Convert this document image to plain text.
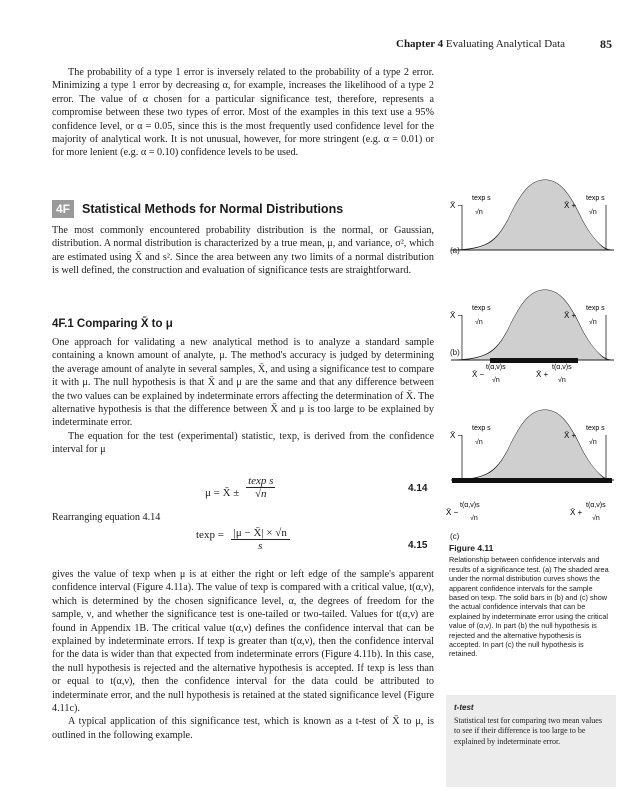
Chapter 4 Evaluating Analytical Data	85

The probability of a type 1 error is inversely related to the probability of a type 2 error. Minimizing a type 1 error by decreasing α, for example, increases the likelihood of a type 2 error. The value of α chosen for a particular significance test, therefore, represents a compromise between these two types of error. Most of the examples in this text use a 95% confidence level, or α = 0.05, since this is the most frequently used confidence level for the majority of analytical work. It is not unusual, however, for more stringent (e.g. α = 0.01) or for more lenient (e.g. α = 0.10) confidence levels to be used.

4F Statistical Methods for Normal Distributions

The most commonly encountered probability distribution is the normal, or Gaussian, distribution. A normal distribution is characterized by a true mean, μ, and variance, σ², which are estimated using X̄ and s². Since the area between any two limits of a normal distribution is well defined, the construction and evaluation of significance tests are straightforward.

4F.1 Comparing X̄ to μ

One approach for validating a new analytical method is to analyze a standard sample containing a known amount of analyte, μ. The method's accuracy is judged by determining the average amount of analyte in several samples, X̄, and using a significance test to compare it with μ. The null hypothesis is that X̄ and μ are the same and that any difference between the two values can be explained by indeterminate errors affecting the determination of X̄. The alternative hypothesis is that the difference between X̄ and μ is too large to be explained by indeterminate error.

The equation for the test (experimental) statistic, texp, is derived from the confidence interval for μ

μ = X̄ ± $\frac{\text{texp s}}{√n}$	4.14

Rearranging equation 4.14

$texp = \frac{|\mu - X̄| \times √n}{s}$	4.15

gives the value of texp when μ is at either the right or left edge of the sample's apparent confidence interval (Figure 4.11a). The value of texp is compared with a critical value, t(α,ν), which is determined by the chosen significance level, α, the degrees of freedom for the sample, ν, and whether the significance test is one-tailed or two-tailed. Values for t(α,ν) are found in Appendix 1B. The critical value t(α,ν) defines the confidence interval that can be explained by indeterminate errors. If texp is greater than t(α,ν), then the confidence interval for the data is wider than that expected from indeterminate errors (Figure 4.11b). In this case, the null hypothesis is rejected and the alternative hypothesis is accepted. If texp is less than or equal to t(α,ν), then the confidence interval for the data could be attributed to indeterminate error, and the null hypothesis is retained at the stated significance level (Figure 4.11c).

A typical application of this significance test, which is known as a t-test of X̄ to μ, is outlined in the following example.

X̄ −
texp s
√n
X̄ +
texp s
√n
X̄ −
texp s
√n
X̄ +
texp s
√n
X̄ −
t(α,ν)s
√n
X̄ +
t(α,ν)s
√n
X̄ −
texp s
√n
X̄ +
texp s
√n
X̄ −
t(α,ν)s
√n
X̄ +
t(α,ν)s
√n
(a)
(b)
(c)
Figure 4.11
Relationship between confidence intervals and results of a significance test. (a) The shaded area under the normal distribution curves shows the apparent confidence intervals for the sample based on texp. The solid bars in (b) and (c) show the actual confidence intervals that can be explained by indeterminate error using the critical value of (α,ν). In part (b) the null hypothesis is rejected and the alternative hypothesis is accepted. In part (c) the null hypothesis is retained.
t-test
Statistical test for comparing two mean values to see if their difference is too large to be explained by indeterminate error.
